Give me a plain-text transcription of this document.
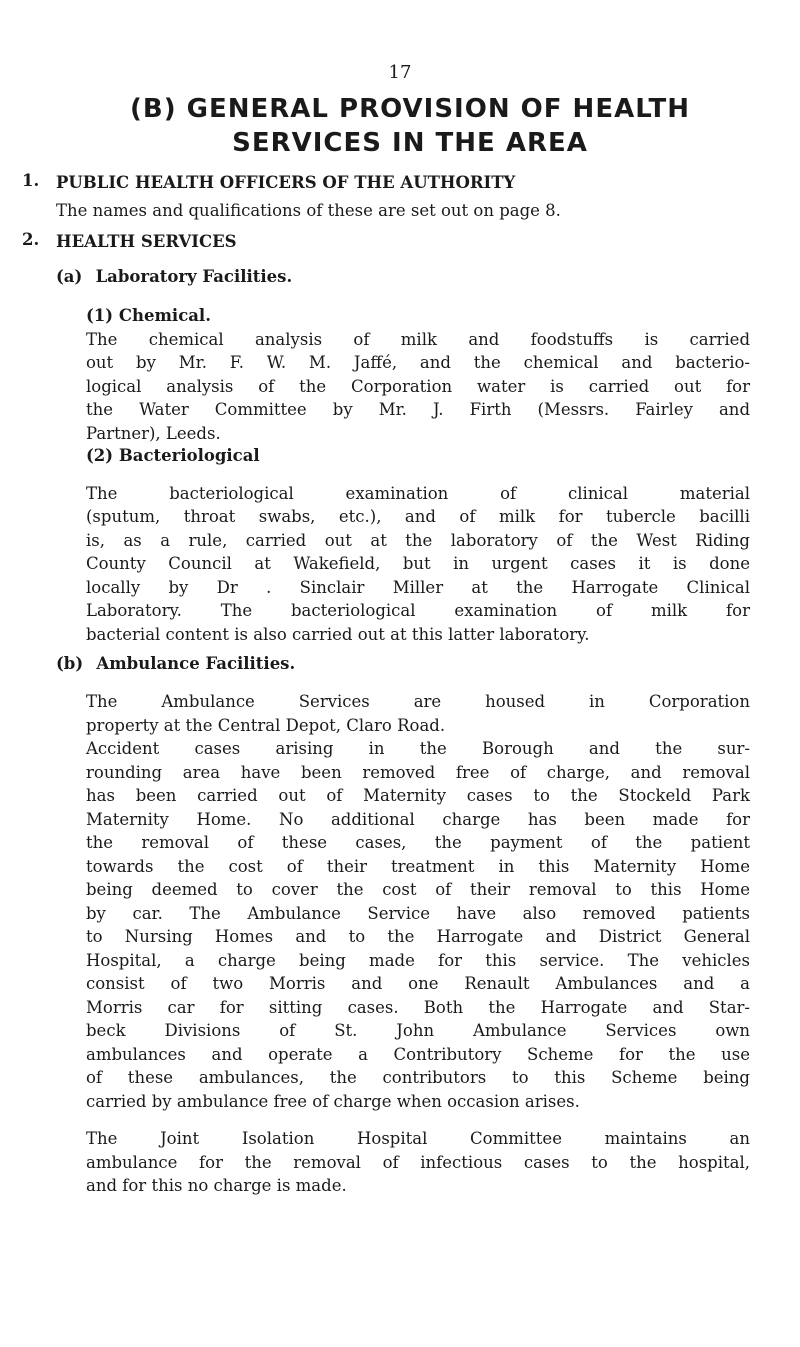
17
(B) GENERAL PROVISION OF HEALTH
SERVICES IN THE AREA
1. PUBLIC HEALTH OFFICERS OF THE AUTHORITY
The names and qualifications of these are set out on page 8.
2. HEALTH SERVICES
(a) Laboratory Facilities.
(1) Chemical.
The chemical analysis of milk and foodstuffs is carried
out by Mr. F. W. M. Jaffé, and the chemical and bacterio-
logical analysis of the Corporation water is carried out for
the Water Committee by Mr. J. Firth (Messrs. Fairley and
Partner), Leeds.
(2) Bacteriological
The bacteriological examination of clinical material
(sputum, throat swabs, etc.), and of milk for tubercle bacilli
is, as a rule, carried out at the laboratory of the West Riding
County Council at Wakefield, but in urgent cases it is done
locally by Dr . Sinclair Miller at the Harrogate Clinical
Laboratory. The bacteriological examination of milk for
bacterial content is also carried out at this latter laboratory.
(b) Ambulance Facilities.
The Ambulance Services are housed in Corporation
property at the Central Depot, Claro Road.
Accident cases arising in the Borough and the sur-
rounding area have been removed free of charge, and removal
has been carried out of Maternity cases to the Stockeld Park
Maternity Home. No additional charge has been made for
the removal of these cases, the payment of the patient
towards the cost of their treatment in this Maternity Home
being deemed to cover the cost of their removal to this Home
by car. The Ambulance Service have also removed patients
to Nursing Homes and to the Harrogate and District General
Hospital, a charge being made for this service. The vehicles
consist of two Morris and one Renault Ambulances and a
Morris car for sitting cases. Both the Harrogate and Star-
beck Divisions of St. John Ambulance Services own
ambulances and operate a Contributory Scheme for the use
of these ambulances, the contributors to this Scheme being
carried by ambulance free of charge when occasion arises.
The Joint Isolation Hospital Committee maintains an
ambulance for the removal of infectious cases to the hospital,
and for this no charge is made.
